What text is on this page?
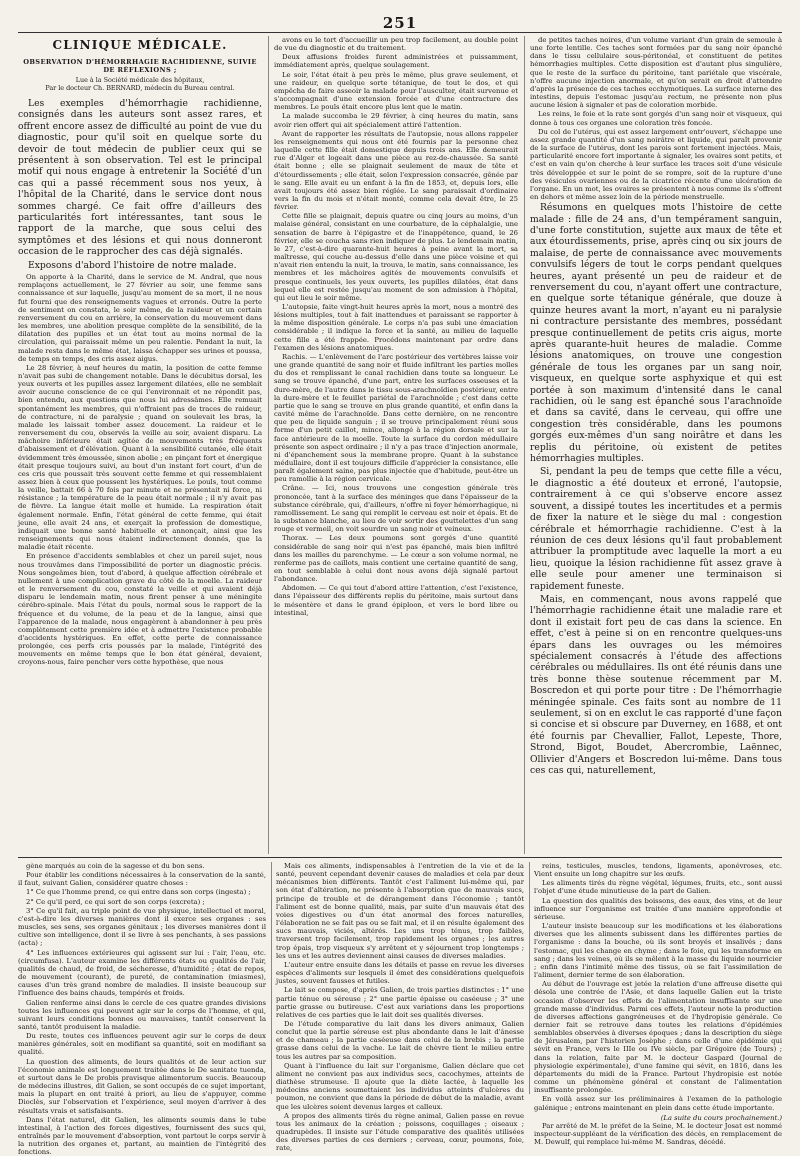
251
CLINIQUE MÉDICALE.
OBSERVATION D'HÉMORRHAGIE RACHIDIENNE, SUIVIE DE RÉFLEXIONS ;
Lue à la Société médicale des hôpitaux,
Par le docteur Ch. BERNARD, médecin du Bureau central.

Les exemples d'hémorrhagie rachidienne, consignés dans les auteurs sont assez rares, et offrent encore assez de difficulté au point de vue du diagnostic, pour qu'il soit en quelque sorte du devoir de tout médecin de publier ceux qui se présentent à son observation. Tel est le principal motif qui nous engage à entretenir la Société d'un cas qui a passé récemment sous nos yeux, à l'hôpital de la Charité, dans le service dont nous sommes chargé. Ce fait offre d'ailleurs des particularités fort intéressantes, tant sous le rapport de la marche, que sous celui des symptômes et des lésions et qui nous donneront occasion de le rapprocher des cas déjà signalés.

Exposons d'abord l'histoire de notre malade.

On apporte à la Charité, dans le service de M. Andral, que nous remplaçons actuellement, le 27 février au soir, une femme sans connaissance et sur laquelle, jusqu'au moment de sa mort, il ne nous fut fourni que des renseignements vagues et erronés. Outre la perte de sentiment on constata, le soir même, de la raideur et un certain renversement du cou en arrière, la conservation du mouvement dans les membres, une abolition presque complète de la sensibilité, de la dilatation des pupilles et un état tout au moins normal de la circulation, qui paraissait même un peu ralentie. Pendant la nuit, la malade resta dans le même état, laissa échapper ses urines et poussa, de temps en temps, des cris assez aigus.

Le 28 février, à neuf heures du matin, la position de cette femme n'avait pas subi de changement notable. Dans le décubitus dorsal, les yeux ouverts et les pupilles assez largement dilatées, elle ne semblait avoir aucune conscience de ce qui l'environnait et ne répondit pas, bien entendu, aux questions que nous lui adressâmes. Elle remuait spontanément les membres, qui n'offraient pas de traces de raideur, de contracture, ni de paralysie ; quand on soulevait les bras, la malade les laissait tomber assez doucement. La raideur et le renversement du cou, observés la veille au soir, avaient disparu. La mâchoire inférieure était agitée de mouvements très fréquents d'abaissement et d'élévation. Quant à la sensibilité cutanée, elle était évidemment très émoussée, sinon abolie ; en pinçant fort et énergique était presque toujours suivi, au bout d'un instant fort court, d'un de ces cris que poussait très souvent cette femme et qui ressemblaient assez bien à ceux que poussent les hystériques. Le pouls, tout comme la veille, battait 66 à 70 fois par minute et ne présentait ni force, ni résistance ; la température de la peau était normale ; il n'y avait pas de fièvre. La langue était molle et humide. La respiration était également normale. Enfin, l'état général de cette femme, qui était jeune, elle avait 24 ans, et exerçait la profession de domestique, indiquait une bonne santé habituelle et annonçait, ainsi que les renseignements qui nous étaient indirectement donnés, que la maladie était récente.

En présence d'accidents semblables et chez un pareil sujet, nous nous trouvâmes dans l'impossibilité de porter un diagnostic précis. Nous songeâmes bien, tout d'abord, à quelque affection cérébrale et nullement à une complication grave du côté de la moelle. La raideur et le renversement du cou, constaté la veille et qui avaient déjà disparu le lendemain matin, nous firent penser à une méningite cérébro-spinale. Mais l'état du pouls, normal sous le rapport de la fréquence et du volume, de la peau et de la langue, ainsi que l'apparence de la malade, nous engagèrent à abandonner à peu près complètement cette première idée et à admettre l'existence probable d'accidents hystériques. En effet, cette perte de connaissance prolongée, ces perfs cris poussés par la malade, l'intégrité des mouvements en même temps que le bon état général, devaient, croyons-nous, faire pencher vers cette hypothèse, que nous

avons eu le tort d'accueillir un peu trop facilement, au double point de vue du diagnostic et du traitement.

Deux affusions froides furent administrées et puissamment, immédiatement après, quelque soulagement.

Le soir, l'état était à peu près le même, plus grave seulement, et une raideur, en quelque sorte tétanique, de tout le dos, et qui empêcha de faire asseoir la malade pour l'ausculter, était survenue et s'accompagnait d'une extension forcée et d'une contracture des membres. Le pouls était encore plus lent que le matin.

La malade succomba le 29 février, à cinq heures du matin, sans avoir rien offert qui ait spécialement attiré l'attention.

Avant de rapporter les résultats de l'autopsie, nous allons rappeler les renseignements qui nous ont été fournis par la personne chez laquelle cette fille était domestique depuis trois ans. Elle demeurait rue d'Alger et logeait dans une pièce au rez-de-chaussée. Sa santé était bonne ; elle se plaignait seulement de maux de tête et d'étourdissements ; elle était, selon l'expression consacrée, gênée par le sang. Elle avait eu un enfant à la fin de 1853, et, depuis lors, elle avait toujours été assez bien réglée. Le sang paraissait d'ordinaire vers la fin du mois et n'était monté, comme cela devait être, le 25 février.

Cette fille se plaignait, depuis quatre ou cinq jours au moins, d'un malaise général, consistant en une courbature, de la céphalalgie, une sensation de barre à l'épigastre et de l'inappétence, quand, le 26 février, elle se coucha sans rien indiquer de plus. Le lendemain matin, le 27, c'est-à-dire quarante-huit heures à peine avant la mort, sa maîtresse, qui couche au-dessus d'elle dans une pièce voisine et qui n'avait rien entendu la nuit, la trouva, le matin, sans connaissance, les membres et les mâchoires agités de mouvements convulsifs et presque continuels, les yeux ouverts, les pupilles dilatées, état dans lequel elle est restée jusqu'au moment de son admission à l'hôpital, qui eut lieu le soir même.

L'autopsie, faite vingt-huit heures après la mort, nous a montré des lésions multiples, tout à fait inattendues et paraissant se rapporter à la même disposition générale. Le corps n'a pas subi une émaciation considérable ; il indique la force et la santé, au milieu de laquelle cette fille a été frappée. Procédons maintenant par ordre dans l'examen des lésions anatomiques.

Rachis. — L'enlèvement de l'arc postérieur des vertèbres laisse voir une grande quantité de sang noir et fluide infiltrant les parties molles du dos et remplissant le canal rachidien dans toute sa longueur. Le sang se trouve épanché, d'une part, entre les surfaces osseuses et la dure-mère, de l'autre dans le tissu sous-arachnoïdien postérieur, entre la dure-mère et le feuillet pariétal de l'arachnoïde ; c'est dans cette partie que le sang se trouve en plus grande quantité, et enfin dans la cavité même de l'arachnoïde. Dans cette dernière, on ne rencontre que peu de liquide sanguin ; il se trouve principalement réuni sous forme d'un petit caillot, mince, allongé à la région dorsale et sur la face antérieure de la moelle. Toute la surface du cordon médullaire présente son aspect ordinaire ; il n'y a pas trace d'injection anormale, ni d'épanchement sous la membrane propre. Quant à la substance médullaire, dont il est toujours difficile d'apprécier la consistance, elle paraît également saine, pas plus injectée que d'habitude, peut-être un peu ramollie à la région cervicale.

Crâne. — Ici, nous trouvons une congestion générale très prononcée, tant à la surface des méninges que dans l'épaisseur de la substance cérébrale, qui, d'ailleurs, n'offre ni foyer hémorrhagique, ni ramollissement. Le sang qui remplit le cerveau est noir et épais. Et de la substance blanche, au lieu de voir sortir des gouttelettes d'un sang rouge et vermeil, on voit sourdre un sang noir et veineux.

Thorax. — Les deux poumons sont gorgés d'une quantité considérable de sang noir qui n'est pas épanché, mais bien infiltré dans les mailles du parenchyme. — Le cœur a son volume normal, ne renferme pas de caillots, mais contient une certaine quantité de sang, en tout semblable à celui dont nous avons déjà signalé partout l'abondance.

Abdomen. — Ce qui tout d'abord attire l'attention, c'est l'existence, dans l'épaisseur des différents replis du péritoine, mais surtout dans le mésentère et dans le grand épiploon, et vers le bord libre ou intestinal,

de petites taches noires, d'un volume variant d'un grain de semoule à une forte lentille. Ces taches sont formées par du sang noir épanché dans le tissu cellulaire sous-péritonéal, et constituent de petites hémorrhagies multiples. Cette disposition est d'autant plus singulière, que le reste de la surface du péritoine, tant pariétale que viscérale, n'offre aucune injection anormale, et qu'on serait en droit d'attendre d'après la présence de ces taches ecchymotiques. La surface interne des intestins, depuis l'estomac jusqu'au rectum, ne présente non plus aucune lésion à signaler et pas de coloration morbide.

Les reins, le foie et la rate sont gorgés d'un sang noir et visqueux, qui donne à tous ces organes une coloration très foncée.

Du col de l'utérus, qui est assez largement entr'ouvert, s'échappe une assez grande quantité d'un sang noirâtre et liquide, qui paraît provenir de la surface de l'utérus, dont les parois sont fortement injectées. Mais, particularité encore fort importante à signaler, les ovaires sont petits, et c'est en vain qu'on cherche à leur surface les traces soit d'une vésicule très développée et sur le point de se rompre, soit de la rupture d'une des vésicules ovariennes ou de la cicatrice récente d'une ulcération de l'organe. En un mot, les ovaires se présentent à nous comme ils s'offrent en dehors et même assez loin de la période menstruelle.

Résumons en quelques mots l'histoire de cette malade : fille de 24 ans, d'un tempérament sanguin, d'une forte constitution, sujette aux maux de tête et aux étourdissements, prise, après cinq ou six jours de malaise, de perte de connaissance avec mouvements convulsifs légers de tout le corps pendant quelques heures, ayant présenté un peu de raideur et de renversement du cou, n'ayant offert une contracture, en quelque sorte tétanique générale, que douze à quinze heures avant la mort, n'ayant eu ni paralysie ni contracture persistante des membres, possédant presque continuellement de petits cris aigus, morte après quarante-huit heures de maladie. Comme lésions anatomiques, on trouve une congestion générale de tous les organes par un sang noir, visqueux, en quelque sorte asphyxique et qui est portée à son maximum d'intensité dans le canal rachidien, où le sang est épanché sous l'arachnoïde et dans sa cavité, dans le cerveau, qui offre une congestion très considérable, dans les poumons gorgés eux-mêmes d'un sang noirâtre et dans les replis du péritoine, où existent de petites hémorrhagies multiples.

Si, pendant la peu de temps que cette fille a vécu, le diagnostic a été douteux et erroné, l'autopsie, contrairement à ce qui s'observe encore assez souvent, a dissipé toutes les incertitudes et a permis de fixer la nature et le siège du mal : congestion cérébrale et hémorrhagie rachidienne. C'est à la réunion de ces deux lésions qu'il faut probablement attribuer la promptitude avec laquelle la mort a eu lieu, quoique la lésion rachidienne fût assez grave à elle seule pour amener une terminaison si rapidement funeste.

Mais, en commençant, nous avons rappelé que l'hémorrhagie rachidienne était une maladie rare et dont il existait fort peu de cas dans la science. En effet, c'est à peine si on en rencontre quelques-uns épars dans les ouvrages ou les mémoires spécialement consacrés à l'étude des affections cérébrales ou médullaires. Ils ont été réunis dans une très bonne thèse soutenue récemment par M. Boscredon et qui porte pour titre : De l'hémorrhagie méningée spinale. Ces faits sont au nombre de 11 seulement, si on en exclut le cas rapporté d'une façon si concise et si obscure par Duverney, en 1688, et ont été fournis par Chevallier, Fallot, Lepeste, Thore, Strond, Bigot, Boudet, Abercrombie, Laënnec, Ollivier d'Angers et Boscredon lui-même. Dans tous ces cas qui, naturellement,

gène marqués au coin de la sagesse et du bon sens.

Pour établir les conditions nécessaires à la conservation de la santé, il faut, suivant Galien, considérer quatre choses :

1° Ce que l'homme prend, ce qui entre dans son corps (ingesta) ;

2° Ce qu'il perd, ce qui sort de son corps (excreta) ;

3° Ce qu'il fait, au triple point de vue physique, intellectuel et moral, c'est-à-dire les diverses manières dont il exerce ses organes : ses muscles, ses sens, ses organes génitaux ; les diverses manières dont il cultive son intelligence, dont il se livre à ses penchants, à ses passions (acta) ;

4° Les influences extérieures qui agissent sur lui : l'air, l'eau, etc. (circumfusa). L'auteur examine les différents états ou qualités de l'air, qualités de chaud, de froid, de sécheresse, d'humidité ; état de repos, de mouvement (courant), de pureté, de contamination (miasmes), causes d'un très grand nombre de maladies. Il insiste beaucoup sur l'influence des bains chauds, tempérés et froids.

Galien renferme ainsi dans le cercle de ces quatre grandes divisions toutes les influences qui peuvent agir sur le corps de l'homme, et qui, suivant leurs conditions bonnes ou mauvaises, tantôt conservent la santé, tantôt produisent la maladie.

Du reste, toutes ces influences peuvent agir sur le corps de deux manières générales, soit en modifiant sa quantité, soit en modifiant sa qualité.

La question des aliments, de leurs qualités et de leur action sur l'économie animale est longuement traitée dans le De sanitate tuenda, et surtout dans le De probis pravisque alimentorum succis. Beaucoup de médecins illustres, dit Galien, se sont occupés de ce sujet important, mais la plupart en ont traité à priori, au lieu de s'appuyer, comme Dioclès, sur l'observation et l'expérience, seul moyen d'arriver à des résultats vrais et satisfaisants.

Dans l'état naturel, dit Galien, les aliments soumis dans le tube intestinal, à l'action des forces digestives, fournissent des sucs qui, entraînés par le mouvement d'absorption, vont partout le corps servir à la nutrition des organes et, partant, au maintien de l'intégrité des fonctions.

Mais ces aliments, indispensables à l'entretien de la vie et de la santé, peuvent cependant devenir causes de maladies et cela par deux mécanismes bien différents. Tantôt c'est l'aliment lui-même qui, par son état d'altération, ne présente à l'absorption que de mauvais sucs, principe de trouble et de dérangement dans l'économie ; tantôt l'aliment est de bonne qualité, mais, par suite d'un mauvais état des voies digestives ou d'un état anormal des forces naturelles, l'élaboration ne se fait pas ou se fait mal, et il en résulte également des sucs mauvais, viciés, altérés. Les uns trop ténus, trop faibles, traversent trop facilement, trop rapidement les organes ; les autres trop épais, trop visqueux s'y arrêtent et y séjournent trop longtemps ; les uns et les autres deviennent ainsi causes de diverses maladies.

L'auteur entre ensuite dans les détails et passe en revue les diverses espèces d'aliments sur lesquels il émet des considérations quelquefois justes, souvent fausses et futiles.

Le lait se compose, d'après Galien, de trois parties distinctes : 1° une partie ténue ou séreuse ; 2° une partie épaisse ou caséeuse ; 3° une partie grasse ou butireuse. C'est aux variations dans les proportions relatives de ces parties que le lait doit ses qualités diverses.

De l'étude comparative du lait dans les divers animaux, Galien conclut que la partie séreuse est plus abondante dans le lait d'ânesse et de chameau ; la partie caséeuse dans celui de la brebis ; la partie grasse dans celui de la vache. Le lait de chèvre tient le milieu entre tous les autres par sa composition.

Quant à l'influence du lait sur l'organisme, Galien déclare que cet aliment ne convient pas aux individus secs, cacochymes, atteints de diathèse strumeuse. Il ajoute que la diète lactée, à laquelle les médecins anciens soumettaient les individus atteints d'ulcères du poumon, ne convient que dans la période de début de la maladie, avant que les ulcères soient devenus larges et calleux.

A propos des aliments tirés du règne animal, Galien passe en revue tous les animaux de la création ; poissons, coquillages ; oiseaux ; quadrupèdes. Il insiste sur l'étude comparative des qualités utilisées des diverses parties de ces derniers ; cerveau, cœur, poumons, foie, rate,

reins, testicules, muscles, tendons, ligaments, aponévroses, etc. Vient ensuite un long chapitre sur les œufs.

Les aliments tirés du règne végétal, légumes, fruits, etc., sont aussi l'objet d'une étude minutieuse de la part de Galien.

La question des qualités des boissons, des eaux, des vins, et de leur influence sur l'organisme est traitée d'une manière approfondie et sérieuse.

L'auteur insiste beaucoup sur les modifications et les élaborations diverses que les aliments subissent dans les différentes parties de l'organisme : dans la bouche, où ils sont broyés et insalivés ; dans l'estomac, qui les change en chyme ; dans le foie, qui les transforme en sang ; dans les veines, où ils se mêlent à la masse du liquide nourricier ; enfin dans l'intimité même des tissus, où se fait l'assimilation de l'aliment, dernier terme de son élaboration.

Au début de l'ouvrage est jetée la relation d'une affreuse disette qui désola une contrée de l'Asie, et dans laquelle Galien eut la triste occasion d'observer les effets de l'alimentation insuffisante sur une grande masse d'individus. Parmi ces effets, l'auteur note la production de diverses affections gangréneuses et de l'hydropisie générale. Ce dernier fait se retrouve dans toutes les relations d'épidémies semblables observées à diverses époques ; dans la description du siège de Jérusalem, par l'historien Josèphe ; dans celle d'une épidémie qui sévit en France, vers le IIIe ou IVe siècle, par Grégoire (de Tours) ; dans la relation, faite par M. le docteur Gaspard (Journal de physiologie expérimentale), d'une famine qui sévit, en 1816, dans les départements du midi de la France. Partout l'hydropisie est notée comme un phénomène général et constant de l'alimentation insuffisante prolongée.

En voilà assez sur les préliminaires à l'examen de la pathologie galénique ; entrons maintenant en plein dans cette étude importante.

(La suite du cours prochainement.)

Par arrêté de M. le préfet de la Seine, M. le docteur Josat est nommé inspecteur-suppléant de la vérification des décès, en remplacement de M. Dewulf, qui remplace lui-même M. Sandras, décédé.
